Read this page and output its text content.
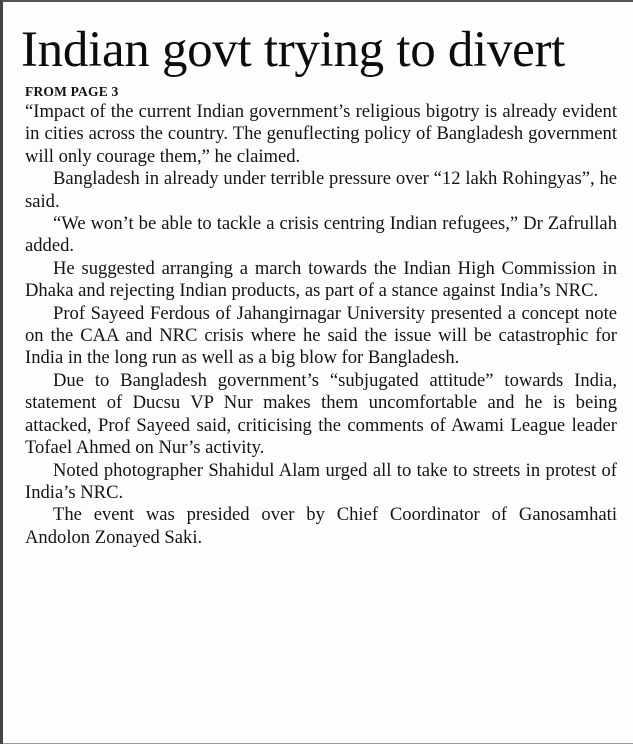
Indian govt trying to divert
FROM PAGE 3

“Impact of the current Indian government’s religious bigotry is already evident in cities across the country. The genuflecting policy of Bangladesh government will only courage them,” he claimed.

Bangladesh in already under terrible pressure over “12 lakh Rohingyas”, he said.

“We won’t be able to tackle a crisis centring Indian refugees,” Dr Zafrullah added.

He suggested arranging a march towards the Indian High Commission in Dhaka and rejecting Indian products, as part of a stance against India’s NRC.

Prof Sayeed Ferdous of Jahangirnagar University presented a concept note on the CAA and NRC crisis where he said the issue will be catastrophic for India in the long run as well as a big blow for Bangladesh.

Due to Bangladesh government’s “subjugated attitude” towards India, statement of Ducsu VP Nur makes them uncomfortable and he is being attacked, Prof Sayeed said, criticising the comments of Awami League leader Tofael Ahmed on Nur’s activity.

Noted photographer Shahidul Alam urged all to take to streets in protest of India’s NRC.

The event was presided over by Chief Coordinator of Ganosamhati Andolon Zonayed Saki.
